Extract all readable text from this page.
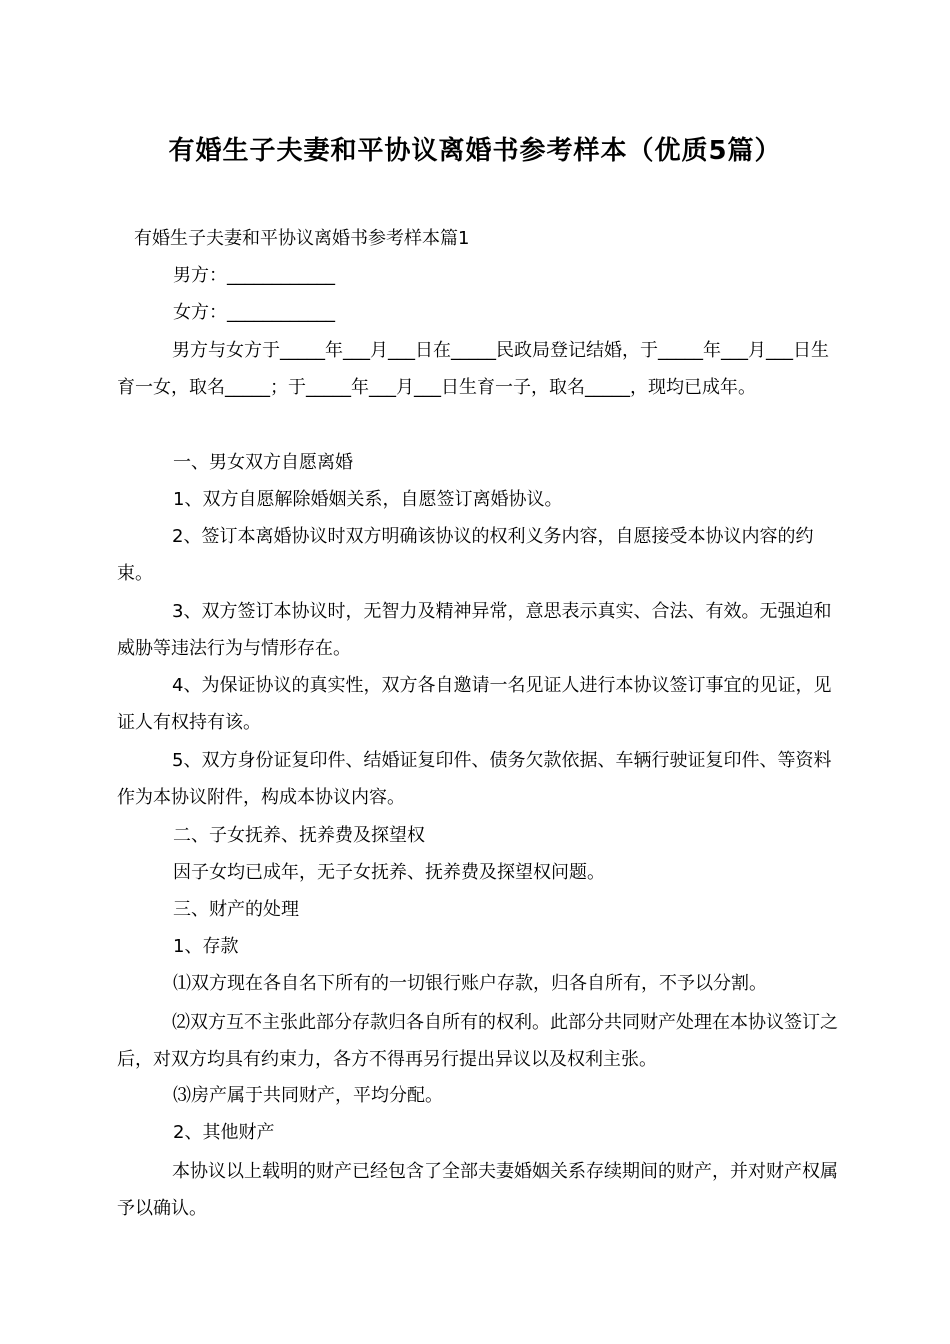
有婚生子夫妻和平协议离婚书参考样本（优质5篇）
有婚生子夫妻和平协议离婚书参考样本篇1
男方：____________
女方：____________
男方与女方于_____年___月___日在_____民政局登记结婚，于_____年___月___日生育一女，取名_____；于_____年___月___日生育一子，取名_____，现均已成年。
一、男女双方自愿离婚
1、双方自愿解除婚姻关系，自愿签订离婚协议。
2、签订本离婚协议时双方明确该协议的权利义务内容，自愿接受本协议内容的约束。
3、双方签订本协议时，无智力及精神异常，意思表示真实、合法、有效。无强迫和威胁等违法行为与情形存在。
4、为保证协议的真实性，双方各自邀请一名见证人进行本协议签订事宜的见证，见证人有权持有该。
5、双方身份证复印件、结婚证复印件、债务欠款依据、车辆行驶证复印件、等资料作为本协议附件，构成本协议内容。
二、子女抚养、抚养费及探望权
因子女均已成年，无子女抚养、抚养费及探望权问题。
三、财产的处理
1、存款
⑴双方现在各自名下所有的一切银行账户存款，归各自所有，不予以分割。
⑵双方互不主张此部分存款归各自所有的权利。此部分共同财产处理在本协议签订之后，对双方均具有约束力，各方不得再另行提出异议以及权利主张。
⑶房产属于共同财产，平均分配。
2、其他财产
本协议以上载明的财产已经包含了全部夫妻婚姻关系存续期间的财产，并对财产权属予以确认。
